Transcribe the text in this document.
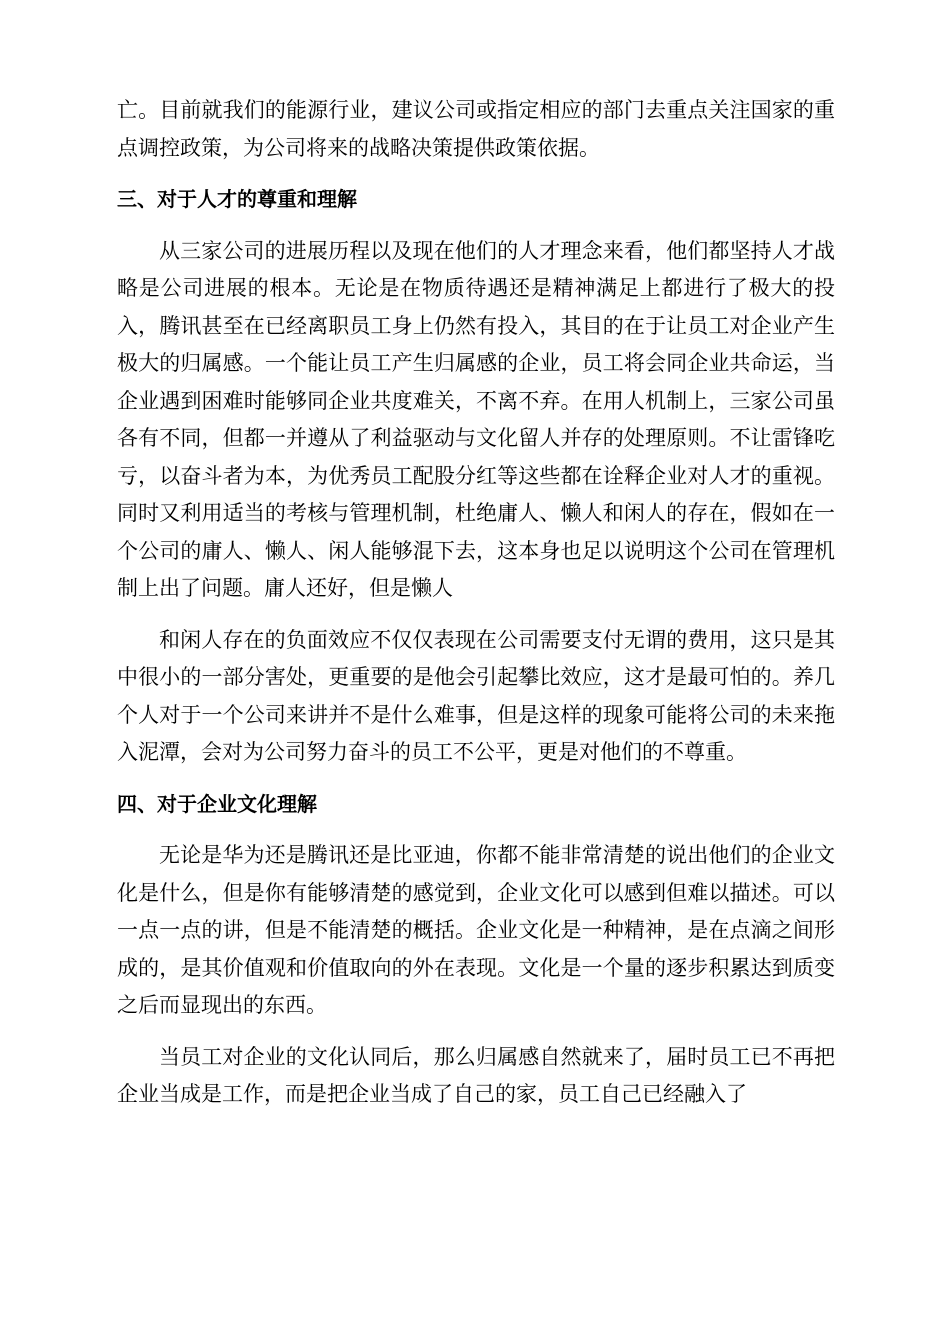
亡。目前就我们的能源行业，建议公司或指定相应的部门去重点关注国家的重点调控政策，为公司将来的战略决策提供政策依据。

三、对于人才的尊重和理解

从三家公司的进展历程以及现在他们的人才理念来看，他们都坚持人才战略是公司进展的根本。无论是在物质待遇还是精神满足上都进行了极大的投入，腾讯甚至在已经离职员工身上仍然有投入，其目的在于让员工对企业产生极大的归属感。一个能让员工产生归属感的企业，员工将会同企业共命运，当企业遇到困难时能够同企业共度难关，不离不弃。在用人机制上，三家公司虽各有不同，但都一并遵从了利益驱动与文化留人并存的处理原则。不让雷锋吃亏，以奋斗者为本，为优秀员工配股分红等这些都在诠释企业对人才的重视。同时又利用适当的考核与管理机制，杜绝庸人、懒人和闲人的存在，假如在一个公司的庸人、懒人、闲人能够混下去，这本身也足以说明这个公司在管理机制上出了问题。庸人还好，但是懒人

和闲人存在的负面效应不仅仅表现在公司需要支付无谓的费用，这只是其中很小的一部分害处，更重要的是他会引起攀比效应，这才是最可怕的。养几个人对于一个公司来讲并不是什么难事，但是这样的现象可能将公司的未来拖入泥潭，会对为公司努力奋斗的员工不公平，更是对他们的不尊重。

四、对于企业文化理解

无论是华为还是腾讯还是比亚迪，你都不能非常清楚的说出他们的企业文化是什么，但是你有能够清楚的感觉到，企业文化可以感到但难以描述。可以一点一点的讲，但是不能清楚的概括。企业文化是一种精神，是在点滴之间形成的，是其价值观和价值取向的外在表现。文化是一个量的逐步积累达到质变之后而显现出的东西。

当员工对企业的文化认同后，那么归属感自然就来了，届时员工已不再把企业当成是工作，而是把企业当成了自己的家，员工自己已经融入了
